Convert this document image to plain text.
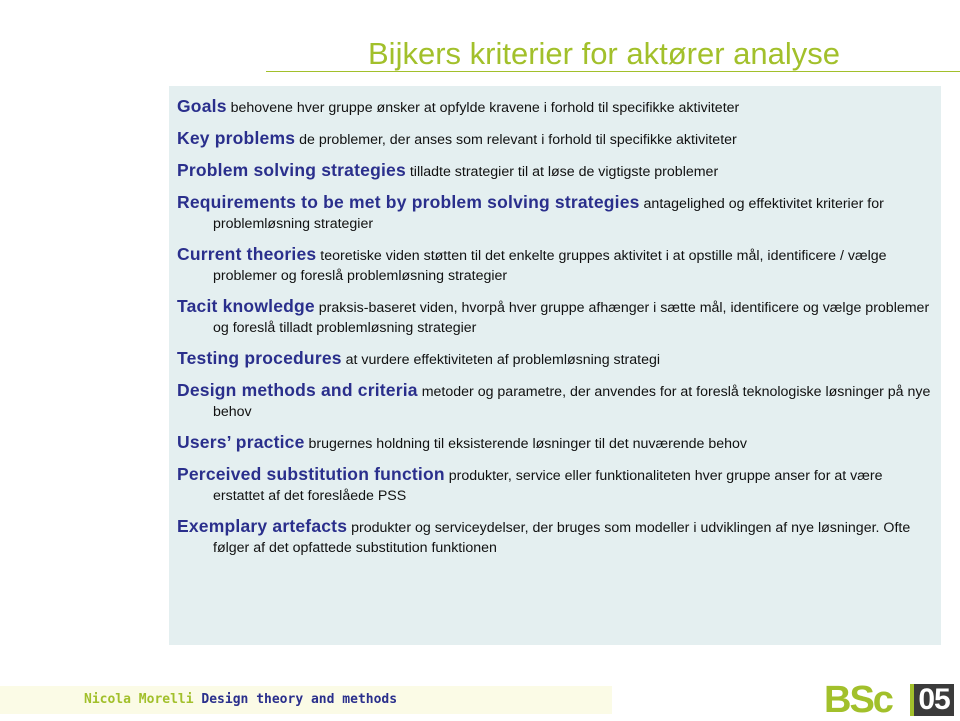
Bijkers kriterier for aktører analyse
Goals behovene hver gruppe ønsker at opfylde kravene i forhold til specifikke aktiviteter
Key problems de problemer, der anses som relevant i forhold til specifikke aktiviteter
Problem solving strategies tilladte strategier til at løse de vigtigste problemer
Requirements to be met by problem solving strategies antagelighed og effektivitet kriterier for problemløsning strategier
Current theories teoretiske viden støtten til det enkelte gruppes aktivitet i at opstille mål, identificere / vælge problemer og foreslå problemløsning strategier
Tacit knowledge praksis-baseret viden, hvorpå hver gruppe afhænger i sætte mål, identificere og vælge problemer og foreslå tilladt problemløsning strategier
Testing procedures at vurdere effektiviteten af problemløsning strategi
Design methods and criteria metoder og parametre, der anvendes for at foreslå teknologiske løsninger på nye behov
Users’ practice brugernes holdning til eksisterende løsninger til det nuværende behov
Perceived substitution function produkter, service eller funktionaliteten hver gruppe anser for at være erstattet af det foreslåede PSS
Exemplary artefacts produkter og serviceydelser, der bruges som modeller i udviklingen af nye løsninger. Ofte følger af det opfattede substitution funktionen
Nicola Morelli Design theory and methods	BSc 05
